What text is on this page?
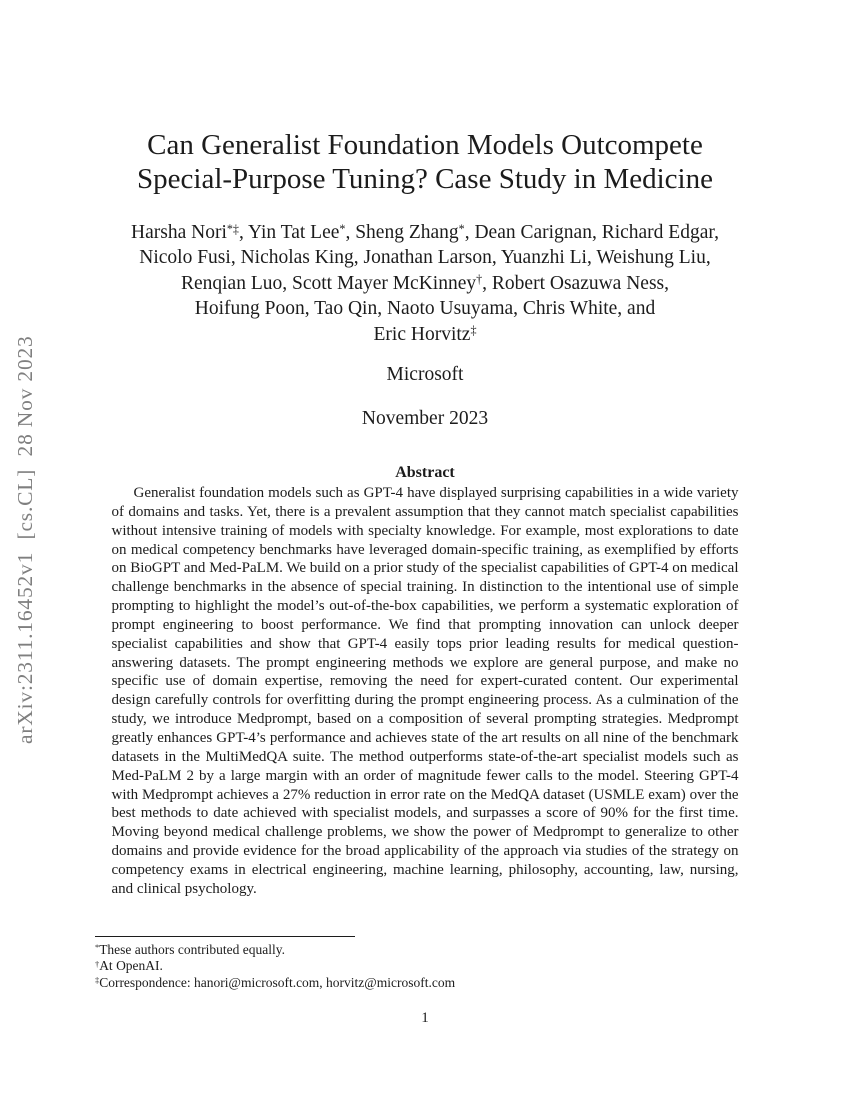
arXiv:2311.16452v1  [cs.CL]  28 Nov 2023
Can Generalist Foundation Models Outcompete
Special-Purpose Tuning? Case Study in Medicine
Harsha Nori*‡, Yin Tat Lee*, Sheng Zhang*, Dean Carignan, Richard Edgar,
Nicolo Fusi, Nicholas King, Jonathan Larson, Yuanzhi Li, Weishung Liu,
Renqian Luo, Scott Mayer McKinney†, Robert Osazuwa Ness,
Hoifung Poon, Tao Qin, Naoto Usuyama, Chris White, and
Eric Horvitz‡
Microsoft
November 2023
Abstract

Generalist foundation models such as GPT-4 have displayed surprising capabilities in a wide variety of domains and tasks. Yet, there is a prevalent assumption that they cannot match specialist capabilities without intensive training of models with specialty knowledge. For example, most explorations to date on medical competency benchmarks have leveraged domain-specific training, as exemplified by efforts on BioGPT and Med-PaLM. We build on a prior study of the specialist capabilities of GPT-4 on medical challenge benchmarks in the absence of special training. In distinction to the intentional use of simple prompting to highlight the model’s out-of-the-box capabilities, we perform a systematic exploration of prompt engineering to boost performance. We find that prompting innovation can unlock deeper specialist capabilities and show that GPT-4 easily tops prior leading results for medical question-answering datasets. The prompt engineering methods we explore are general purpose, and make no specific use of domain expertise, removing the need for expert-curated content. Our experimental design carefully controls for overfitting during the prompt engineering process. As a culmination of the study, we introduce Medprompt, based on a composition of several prompting strategies. Medprompt greatly enhances GPT-4’s performance and achieves state of the art results on all nine of the benchmark datasets in the MultiMedQA suite. The method outperforms state-of-the-art specialist models such as Med-PaLM 2 by a large margin with an order of magnitude fewer calls to the model. Steering GPT-4 with Medprompt achieves a 27% reduction in error rate on the MedQA dataset (USMLE exam) over the best methods to date achieved with specialist models, and surpasses a score of 90% for the first time. Moving beyond medical challenge problems, we show the power of Medprompt to generalize to other domains and provide evidence for the broad applicability of the approach via studies of the strategy on competency exams in electrical engineering, machine learning, philosophy, accounting, law, nursing, and clinical psychology.

*These authors contributed equally.
†At OpenAI.
‡Correspondence: hanori@microsoft.com, horvitz@microsoft.com
1
